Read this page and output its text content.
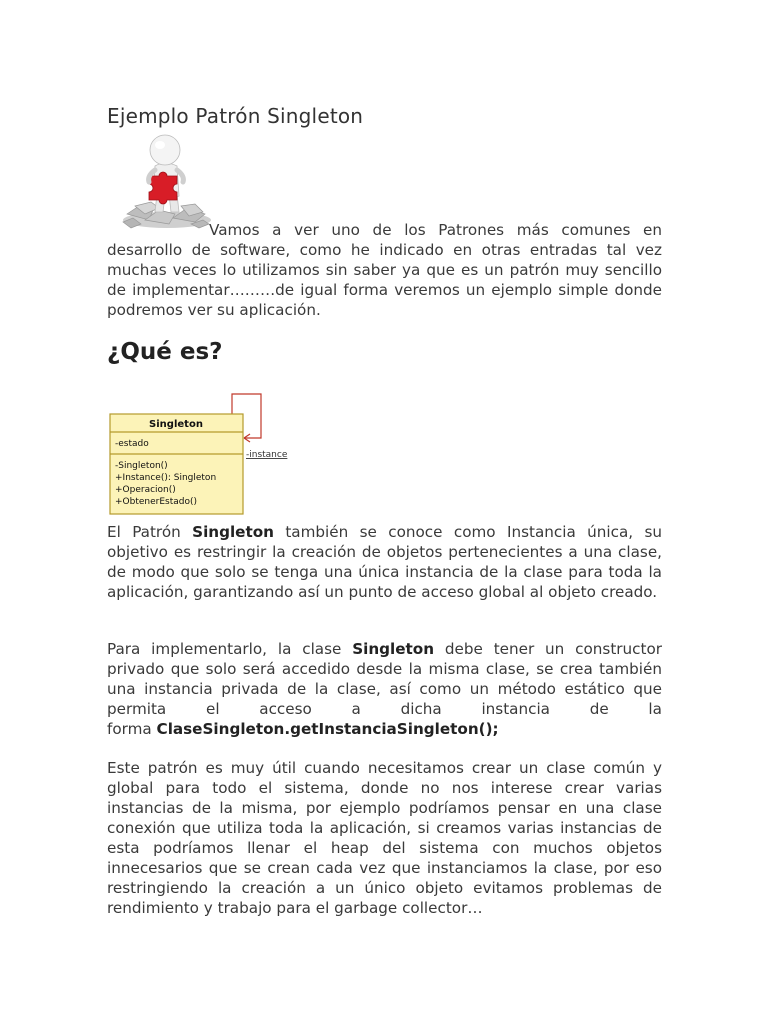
Ejemplo Patrón Singleton

Vamos a ver uno de los Patrones más comunes en desarrollo de software, como he indicado en otras entradas tal vez muchas veces lo utilizamos sin saber ya que es un patrón muy sencillo de implementar………de igual forma veremos un ejemplo simple donde podremos ver su aplicación.

¿Qué es?
Singleton
-estado
-Singleton()
+Instance(): Singleton
+Operacion()
+ObtenerEstado()
-instance

El Patrón Singleton también se conoce como Instancia única, su objetivo es restringir la creación de objetos pertenecientes a una clase, de modo que solo se tenga una única instancia de la clase para toda la aplicación, garantizando así un punto de acceso global al objeto creado.

Para implementarlo, la clase Singleton debe tener un constructor privado que solo será accedido desde la misma clase, se crea también una instancia privada de la clase, así como un método estático que
permita	el	acceso	a	dicha	instancia	de	la
forma ClaseSingleton.getInstanciaSingleton();

Este patrón es muy útil cuando necesitamos crear un clase común y global para todo el sistema, donde no nos interese crear varias instancias de la misma, por ejemplo podríamos pensar en una clase conexión que utiliza toda la aplicación, si creamos varias instancias de esta podríamos llenar el heap del sistema con muchos objetos innecesarios que se crean cada vez que instanciamos la clase, por eso restringiendo la creación a un único objeto evitamos problemas de rendimiento y trabajo para el garbage collector…
